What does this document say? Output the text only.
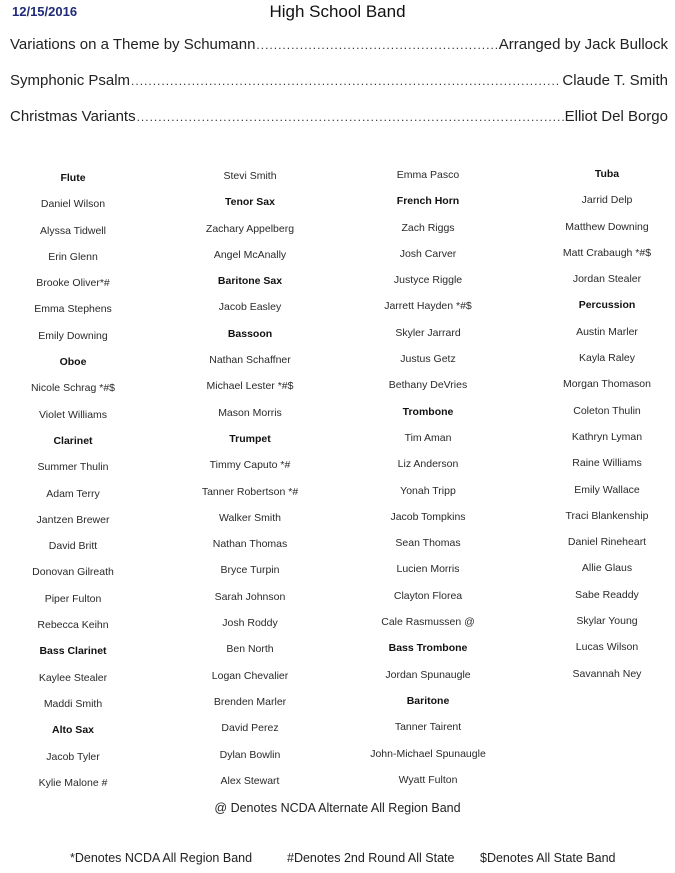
12/15/2016	High School Band
Variations on a Theme by Schumann .....	Arranged by Jack Bullock
Symphonic Psalm .....	Claude T. Smith
Christmas Variants .....	Elliot Del Borgo
Flute
Daniel Wilson
Alyssa Tidwell
Erin Glenn
Brooke Oliver*#
Emma Stephens
Emily Downing
Oboe
Nicole Schrag *#$
Violet Williams
Clarinet
Summer Thulin
Adam Terry
Jantzen Brewer
David Britt
Donovan Gilreath
Piper Fulton
Rebecca Keihn
Bass Clarinet
Kaylee Stealer
Maddi Smith
Alto Sax
Jacob Tyler
Kylie Malone #
Stevi Smith
Tenor Sax
Zachary Appelberg
Angel McAnally
Baritone Sax
Jacob Easley
Bassoon
Nathan Schaffner
Michael Lester *#$
Mason Morris
Trumpet
Timmy Caputo *#
Tanner Robertson *#
Walker Smith
Nathan Thomas
Bryce Turpin
Sarah Johnson
Josh Roddy
Ben North
Logan Chevalier
Brenden Marler
David Perez
Dylan Bowlin
Alex Stewart
Emma Pasco
French Horn
Zach Riggs
Josh Carver
Justyce Riggle
Jarrett Hayden *#$
Skyler Jarrard
Justus Getz
Bethany DeVries
Trombone
Tim Aman
Liz Anderson
Yonah Tripp
Jacob Tompkins
Sean Thomas
Lucien Morris
Clayton Florea
Cale Rasmussen @
Bass Trombone
Jordan Spunaugle
Baritone
Tanner Tairent
John-Michael Spunaugle
Wyatt Fulton
Tuba
Jarrid Delp
Matthew Downing
Matt Crabaugh *#$
Jordan Stealer
Percussion
Austin Marler
Kayla Raley
Morgan Thomason
Coleton Thulin
Kathryn Lyman
Raine Williams
Emily Wallace
Traci Blankenship
Daniel Rineheart
Allie Glaus
Sabe Readdy
Skylar Young
Lucas Wilson
Savannah Ney
@ Denotes NCDA Alternate All Region Band
*Denotes NCDA All Region Band	#Denotes 2nd Round All State $Denotes All State Band
